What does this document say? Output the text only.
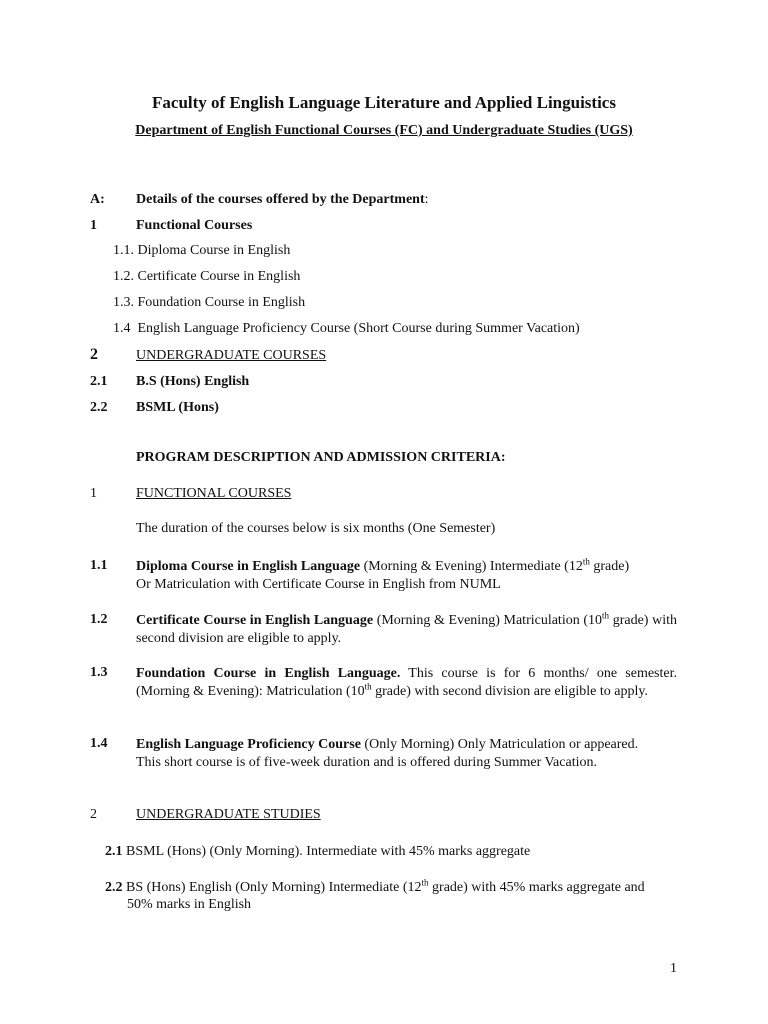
Faculty of English Language Literature and Applied Linguistics
Department of English Functional Courses (FC) and Undergraduate Studies (UGS)
A: Details of the courses offered by the Department:
1	Functional Courses
1.1. Diploma Course in English
1.2. Certificate Course in English
1.3. Foundation Course in English
1.4 English Language Proficiency Course (Short Course during Summer Vacation)
2	UNDERGRADUATE COURSES
2.1 B.S (Hons) English
2.2 BSML (Hons)
PROGRAM DESCRIPTION AND ADMISSION CRITERIA:
1	FUNCTIONAL COURSES
The duration of the courses below is six months (One Semester)
1.1 Diploma Course in English Language (Morning & Evening) Intermediate (12th grade)
Or Matriculation with Certificate Course in English from NUML
1.2 Certificate Course in English Language (Morning & Evening) Matriculation (10th grade) with second division are eligible to apply.
1.3 Foundation Course in English Language. This course is for 6 months/ one semester. (Morning & Evening): Matriculation (10th grade) with second division are eligible to apply.
1.4 English Language Proficiency Course (Only Morning) Only Matriculation or appeared.
This short course is of five-week duration and is offered during Summer Vacation.
2	UNDERGRADUATE STUDIES
2.1 BSML (Hons) (Only Morning). Intermediate with 45% marks aggregate
2.2 BS (Hons) English (Only Morning) Intermediate (12th grade) with 45% marks aggregate and
50% marks in English
1
